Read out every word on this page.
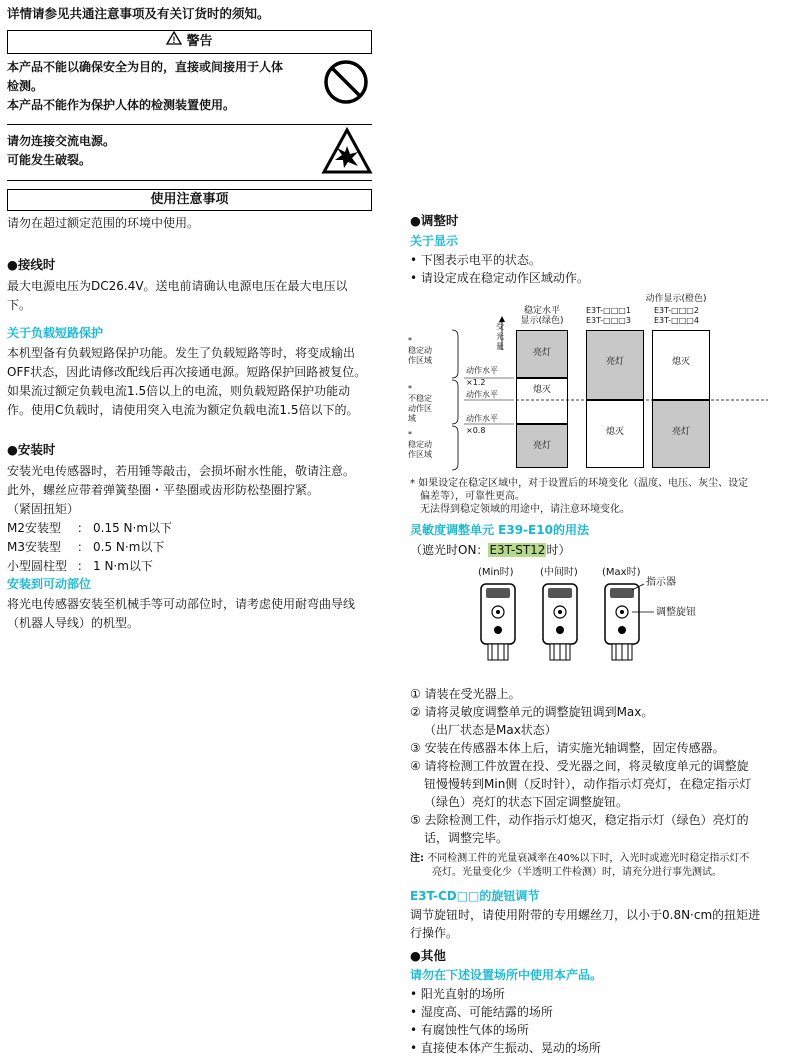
详情请参见共通注意事项及有关订货时的须知。
! 警告
本产品不能以确保安全为目的，直接或间接用于人体
检测。
本产品不能作为保护人体的检测装置使用。
请勿连接交流电源。
可能发生破裂。
使用注意事项
请勿在超过额定范围的环境中使用。
●接线时
最大电源电压为DC26.4V。送电前请确认电源电压在最大电压以
下。
关于负载短路保护
本机型备有负载短路保护功能。发生了负载短路等时，将变成输出
OFF状态，因此请修改配线后再次接通电源。短路保护回路被复位。
如果流过额定负载电流1.5倍以上的电流，则负载短路保护功能动
作。使用C负载时，请使用突入电流为额定负载电流1.5倍以下的。
●安装时
安装光电传感器时，若用锤等敲击，会损坏耐水性能，敬请注意。
此外，螺丝应带着弹簧垫圈・平垫圈或齿形防松垫圈拧紧。
（紧固扭矩）
M2安装型 ： 0.15 N·m以下
M3安装型 ： 0.5 N·m以下
小型圆柱型 ： 1 N·m以下
安装到可动部位
将光电传感器安装至机械手等可动部位时，请考虑使用耐弯曲导线
（机器人导线）的机型。
●调整时
关于显示
• 下图表示电平的状态。
• 请设定成在稳定动作区域动作。
稳定水平
显示(绿色)
动作显示(橙色)
E3T-□□□1
E3T-□□□3
E3T-□□□2
E3T-□□□4
*
稳定动作区域
*
不稳定动作区域
*
稳定动作区域
受光量
动作水平
×1.2
动作水平
动作水平
×0.8
亮灯
熄灭
亮灯
亮灯
熄灭
熄灭
亮灯
* 如果设定在稳定区域中，对于设置后的环境变化（温度、电压、灰尘、设定
偏差等），可靠性更高。
无法得到稳定领域的用途中，请注意环境变化。
灵敏度调整单元 E39-E10的用法
（遮光时ON：E3T-ST12时）
(Min时)	(中间时) (Max时)
指示器
调整旋钮
① 请装在受光器上。
② 请将灵敏度调整单元的调整旋钮调到Max。
（出厂状态是Max状态）
③ 安装在传感器本体上后，请实施光轴调整，固定传感器。
④ 请将检测工件放置在投、受光器之间，将灵敏度单元的调整旋
钮慢慢转到Min侧（反时针），动作指示灯亮灯，在稳定指示灯
（绿色）亮灯的状态下固定调整旋钮。
⑤ 去除检测工件，动作指示灯熄灭，稳定指示灯（绿色）亮灯的
话，调整完毕。
注: 不同检测工件的光量衰减率在40%以下时，入光时或遮光时稳定指示灯不
亮灯。光量变化少（半透明工件检测）时，请充分进行事先测试。
E3T-CD□□的旋钮调节
调节旋钮时，请使用附带的专用螺丝刀，以小于0.8N·cm的扭矩进
行操作。
●其他
请勿在下述设置场所中使用本产品。
• 阳光直射的场所
• 湿度高、可能结露的场所
• 有腐蚀性气体的场所
• 直接使本体产生振动、晃动的场所
